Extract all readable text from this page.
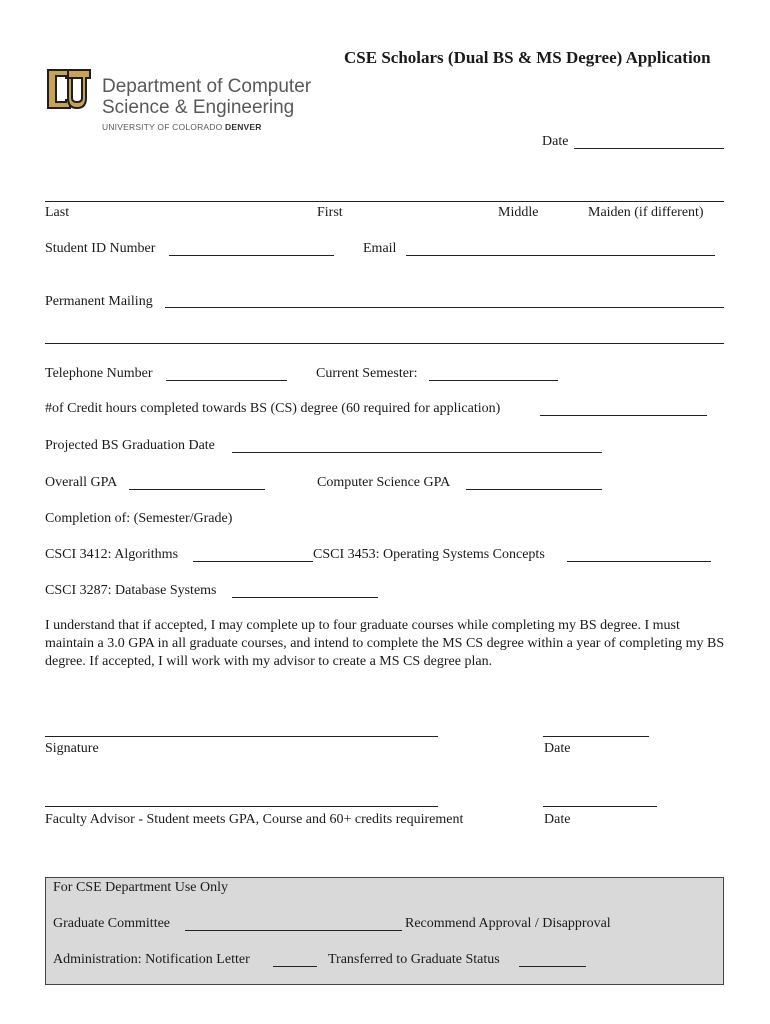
CSE Scholars (Dual BS & MS Degree) Application
Department of Computer
Science & Engineering
UNIVERSITY OF COLORADO DENVER
Date
Last	First	Middle	Maiden (if different)
Student ID Number	Email
Permanent Mailing
Telephone Number	Current Semester:
#of Credit hours completed towards BS (CS) degree (60 required for application)
Projected BS Graduation Date
Overall GPA	Computer Science GPA
Completion of: (Semester/Grade)
CSCI 3412: Algorithms	CSCI 3453: Operating Systems Concepts
CSCI 3287: Database Systems
I understand that if accepted, I may complete up to four graduate courses while completing my BS degree. I must maintain a 3.0 GPA in all graduate courses, and intend to complete the MS CS degree within a year of completing my BS degree. If accepted, I will work with my advisor to create a MS CS degree plan.
Signature	Date
Faculty Advisor - Student meets GPA, Course and 60+ credits requirement	Date
For CSE Department Use Only
Graduate Committee	Recommend Approval / Disapproval
Administration: Notification Letter	Transferred to Graduate Status
